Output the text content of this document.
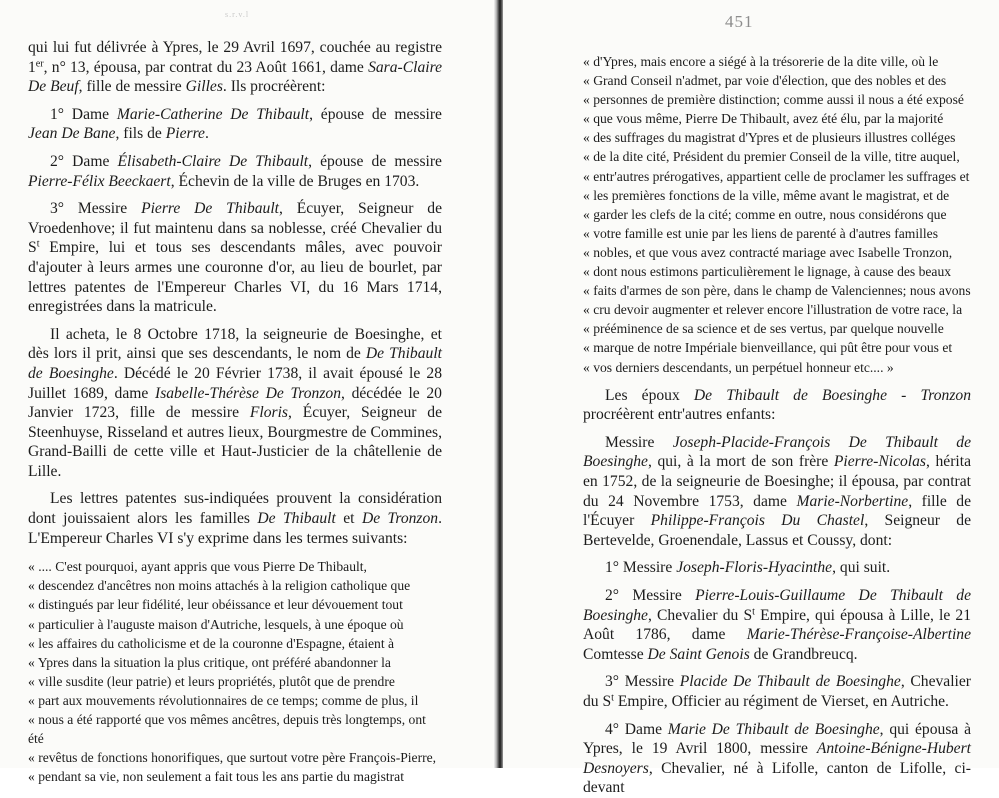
s.r.v.l

qui lui fut délivrée à Ypres, le 29 Avril 1697, couchée au registre 1er, n° 13, épousa, par contrat du 23 Août 1661, dame Sara-Claire De Beuf, fille de messire Gilles. Ils procréèrent:

1° Dame Marie-Catherine De Thibault, épouse de messire Jean De Bane, fils de Pierre.

2° Dame Élisabeth-Claire De Thibault, épouse de messire Pierre-Félix Beeckaert, Échevin de la ville de Bruges en 1703.

3° Messire Pierre De Thibault, Écuyer, Seigneur de Vroedenhove; il fut maintenu dans sa noblesse, créé Chevalier du $S^t$ Empire, lui et tous ses descendants mâles, avec pouvoir d'ajouter à leurs armes une couronne d'or, au lieu de bourlet, par lettres patentes de l'Empereur Charles VI, du 16 Mars 1714, enregistrées dans la matricule.

Il acheta, le 8 Octobre 1718, la seigneurie de Boesinghe, et dès lors il prit, ainsi que ses descendants, le nom de De Thibault de Boesinghe. Décédé le 20 Février 1738, il avait épousé le 28 Juillet 1689, dame Isabelle-Thérèse De Tronzon, décédée le 20 Janvier 1723, fille de messire Floris, Écuyer, Seigneur de Steenhuyse, Risseland et autres lieux, Bourgmestre de Commines, Grand-Bailli de cette ville et Haut-Justicier de la châtellenie de Lille.

Les lettres patentes sus-indiquées prouvent la considération dont jouissaient alors les familles De Thibault et De Tronzon. L'Empereur Charles VI s'y exprime dans les termes suivants:

« .... C'est pourquoi, ayant appris que vous Pierre De Thibault,

« descendez d'ancêtres non moins attachés à la religion catholique que

« distingués par leur fidélité, leur obéissance et leur dévouement tout

« particulier à l'auguste maison d'Autriche, lesquels, à une époque où

« les affaires du catholicisme et de la couronne d'Espagne, étaient à

« Ypres dans la situation la plus critique, ont préféré abandonner la

« ville susdite (leur patrie) et leurs propriétés, plutôt que de prendre

« part aux mouvements révolutionnaires de ce temps; comme de plus, il

« nous a été rapporté que vos mêmes ancêtres, depuis très longtemps, ont été

« revêtus de fonctions honorifiques, que surtout votre père François-Pierre,

« pendant sa vie, non seulement a fait tous les ans partie du magistrat

451

« d'Ypres, mais encore a siégé à la trésorerie de la dite ville, où le

« Grand Conseil n'admet, par voie d'élection, que des nobles et des

« personnes de première distinction; comme aussi il nous a été exposé

« que vous même, Pierre De Thibault, avez été élu, par la majorité

« des suffrages du magistrat d'Ypres et de plusieurs illustres colléges

« de la dite cité, Président du premier Conseil de la ville, titre auquel,

« entr'autres prérogatives, appartient celle de proclamer les suffrages et

« les premières fonctions de la ville, même avant le magistrat, et de

« garder les clefs de la cité; comme en outre, nous considérons que

« votre famille est unie par les liens de parenté à d'autres familles

« nobles, et que vous avez contracté mariage avec Isabelle Tronzon,

« dont nous estimons particulièrement le lignage, à cause des beaux

« faits d'armes de son père, dans le champ de Valenciennes; nous avons

« cru devoir augmenter et relever encore l'illustration de votre race, la

« prééminence de sa science et de ses vertus, par quelque nouvelle

« marque de notre Impériale bienveillance, qui pût être pour vous et

« vos derniers descendants, un perpétuel honneur etc.... »

Les époux De Thibault de Boesinghe - Tronzon procréèrent entr'autres enfants:

Messire Joseph-Placide-François De Thibault de Boesinghe, qui, à la mort de son frère Pierre-Nicolas, hérita en 1752, de la seigneurie de Boesinghe; il épousa, par contrat du 24 Novembre 1753, dame Marie-Norbertine, fille de l'Écuyer Philippe-François Du Chastel, Seigneur de Bertevelde, Groenendale, Lassus et Coussy, dont:

1° Messire Joseph-Floris-Hyacinthe, qui suit.

2° Messire Pierre-Louis-Guillaume De Thibault de Boesinghe, Chevalier du $S^t$ Empire, qui épousa à Lille, le 21 Août 1786, dame Marie-Thérèse-Françoise-Albertine Comtesse De Saint Genois de Grandbreucq.

3° Messire Placide De Thibault de Boesinghe, Chevalier du $S^t$ Empire, Officier au régiment de Vierset, en Autriche.

4° Dame Marie De Thibault de Boesinghe, qui épousa à Ypres, le 19 Avril 1800, messire Antoine-Bénigne-Hubert Desnoyers, Chevalier, né à Lifolle, canton de Lifolle, ci-devant
